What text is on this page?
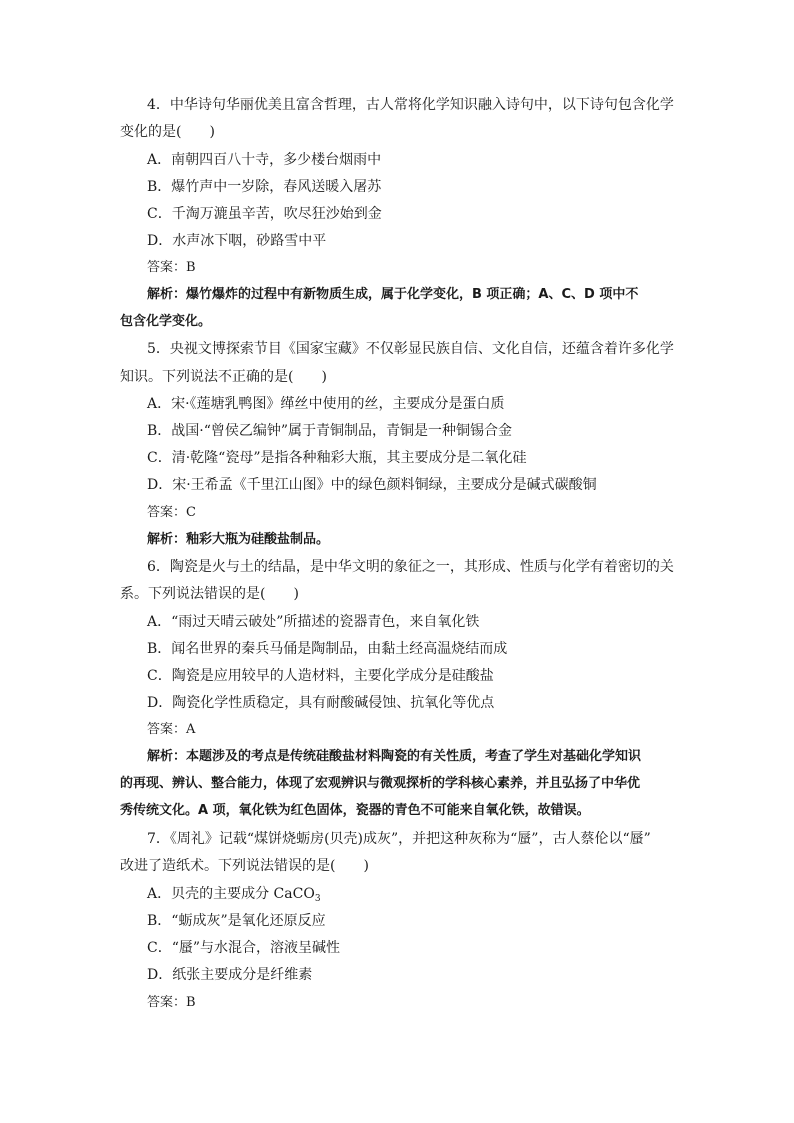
4．中华诗句华丽优美且富含哲理，古人常将化学知识融入诗句中，以下诗句包含化学
变化的是(　　)
A．南朝四百八十寺，多少楼台烟雨中
B．爆竹声中一岁除，春风送暖入屠苏
C．千淘万漉虽辛苦，吹尽狂沙始到金
D．水声冰下咽，砂路雪中平
答案：B
解析：爆竹爆炸的过程中有新物质生成，属于化学变化，B 项正确；A、C、D 项中不
包含化学变化。
5．央视文博探索节目《国家宝藏》不仅彰显民族自信、文化自信，还蕴含着许多化学
知识。下列说法不正确的是(　　)
A．宋·《莲塘乳鸭图》缂丝中使用的丝，主要成分是蛋白质
B．战国·“曾侯乙编钟”属于青铜制品，青铜是一种铜锡合金
C．清·乾隆“瓷母”是指各种釉彩大瓶，其主要成分是二氧化硅
D．宋·王希孟《千里江山图》中的绿色颜料铜绿，主要成分是碱式碳酸铜
答案：C
解析：釉彩大瓶为硅酸盐制品。
6．陶瓷是火与土的结晶，是中华文明的象征之一，其形成、性质与化学有着密切的关
系。下列说法错误的是(　　)
A．“雨过天晴云破处”所描述的瓷器青色，来自氧化铁
B．闻名世界的秦兵马俑是陶制品，由黏土经高温烧结而成
C．陶瓷是应用较早的人造材料，主要化学成分是硅酸盐
D．陶瓷化学性质稳定，具有耐酸碱侵蚀、抗氧化等优点
答案：A
解析：本题涉及的考点是传统硅酸盐材料陶瓷的有关性质，考查了学生对基础化学知识
的再现、辨认、整合能力，体现了宏观辨识与微观探析的学科核心素养，并且弘扬了中华优
秀传统文化。A 项，氧化铁为红色固体，瓷器的青色不可能来自氧化铁，故错误。
7．《周礼》记载“煤饼烧蛎房(贝壳)成灰”，并把这种灰称为“蜃”，古人蔡伦以“蜃”
改进了造纸术。下列说法错误的是(　　)
A．贝壳的主要成分 CaCO$_3$
B．“蛎成灰”是氧化还原反应
C．“蜃”与水混合，溶液呈碱性
D．纸张主要成分是纤维素
答案：B
